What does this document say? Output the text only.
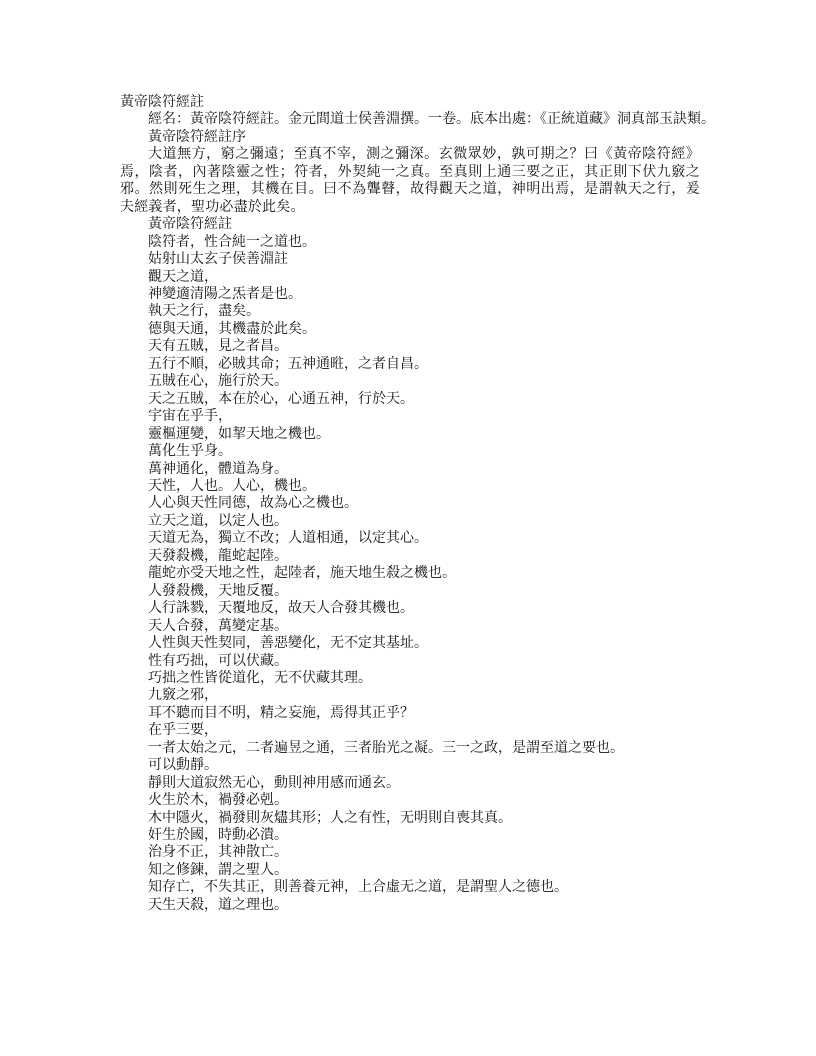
黃帝陰符經註
經名：黃帝陰符經註。金元間道士侯善淵撰。一卷。底本出處：《正統道藏》洞真部玉訣類。
黃帝陰符經註序

大道無方，窮之彌遠；至真不宰，測之彌深。玄微眾妙，孰可期之？曰《黃帝陰符經》焉，陰者，內著陰靈之性；符者，外契純一之真。至真則上通三要之正，其正則下伏九竅之邪。然則死生之理，其機在目。曰不為聾瞽，故得觀天之道，神明出焉，是謂執天之行，爰夫經義者，聖功必盡於此矣。

黃帝陰符經註
陰符者，性合純一之道也。
姑射山太玄子侯善淵註
觀天之道，
神變適清陽之炁者是也。
執天之行，盡矣。
德與天通，其機盡於此矣。
天有五賊，見之者昌。
五行不順，必賊其命；五神通暀，之者自昌。
五賊在心，施行於天。
天之五賊，本在於心，心通五神，行於天。
宇宙在乎手，
靈樞運變，如挈天地之機也。
萬化生乎身。
萬神通化，體道為身。
天性，人也。人心，機也。
人心與天性同德，故為心之機也。
立天之道，以定人也。
天道无為，獨立不改；人道相通，以定其心。
天發殺機，龍蛇起陸。
龍蛇亦受天地之性，起陸者，施天地生殺之機也。
人發殺機，天地反覆。
人行誅戮，天覆地反，故天人合發其機也。
天人合發，萬變定基。
人性與天性契同，善惡變化，无不定其基址。
性有巧拙，可以伏藏。
巧拙之性皆從道化，无不伏藏其理。
九竅之邪，
耳不聽而目不明，精之妄施，焉得其正乎？
在乎三要，
一者太始之元，二者遍昱之通，三者胎光之凝。三一之政，是謂至道之要也。
可以動靜。
靜則大道寂然无心，動則神用感而通玄。
火生於木，禍發必剋。
木中隱火，禍發則灰燼其形；人之有性，无明則自喪其真。
奸生於國，時動必潰。
治身不正，其神散亡。
知之修鍊，謂之聖人。
知存亡，不失其正，則善養元神，上合虛无之道，是謂聖人之德也。
天生天殺，道之理也。
